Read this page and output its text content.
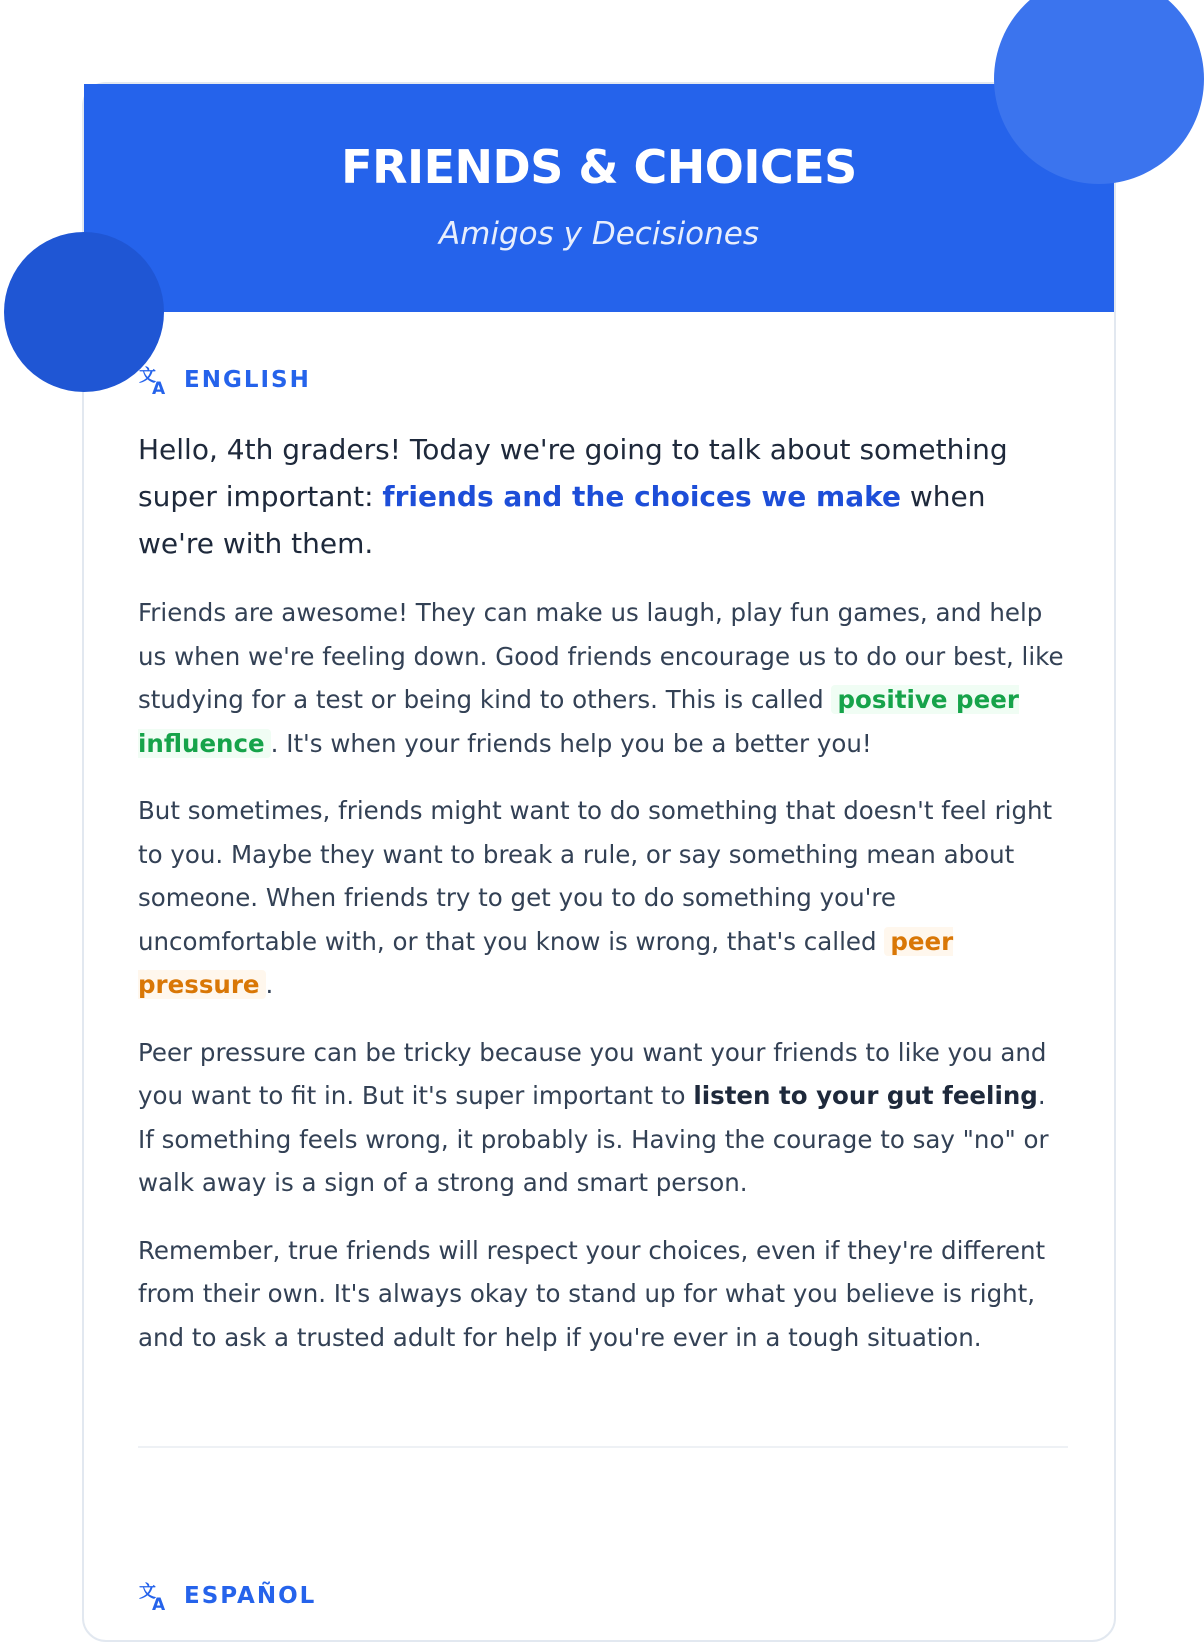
FRIENDS & CHOICES
Amigos y Decisiones
文
A ENGLISH
Hello, 4th graders! Today we're going to talk about something super important: friends and the choices we make when we're with them.
Friends are awesome! They can make us laugh, play fun games, and help us when we're feeling down. Good friends encourage us to do our best, like studying for a test or being kind to others. This is called positive peer influence . It's when your friends help you be a better you!
But sometimes, friends might want to do something that doesn't feel right to you. Maybe they want to break a rule, or say something mean about someone. When friends try to get you to do something you're uncomfortable with, or that you know is wrong, that's called peer pressure .
Peer pressure can be tricky because you want your friends to like you and you want to fit in. But it's super important to listen to your gut feeling. If something feels wrong, it probably is. Having the courage to say "no" or walk away is a sign of a strong and smart person.
Remember, true friends will respect your choices, even if they're different from their own. It's always okay to stand up for what you believe is right, and to ask a trusted adult for help if you're ever in a tough situation.
文
A ESPAÑOL
